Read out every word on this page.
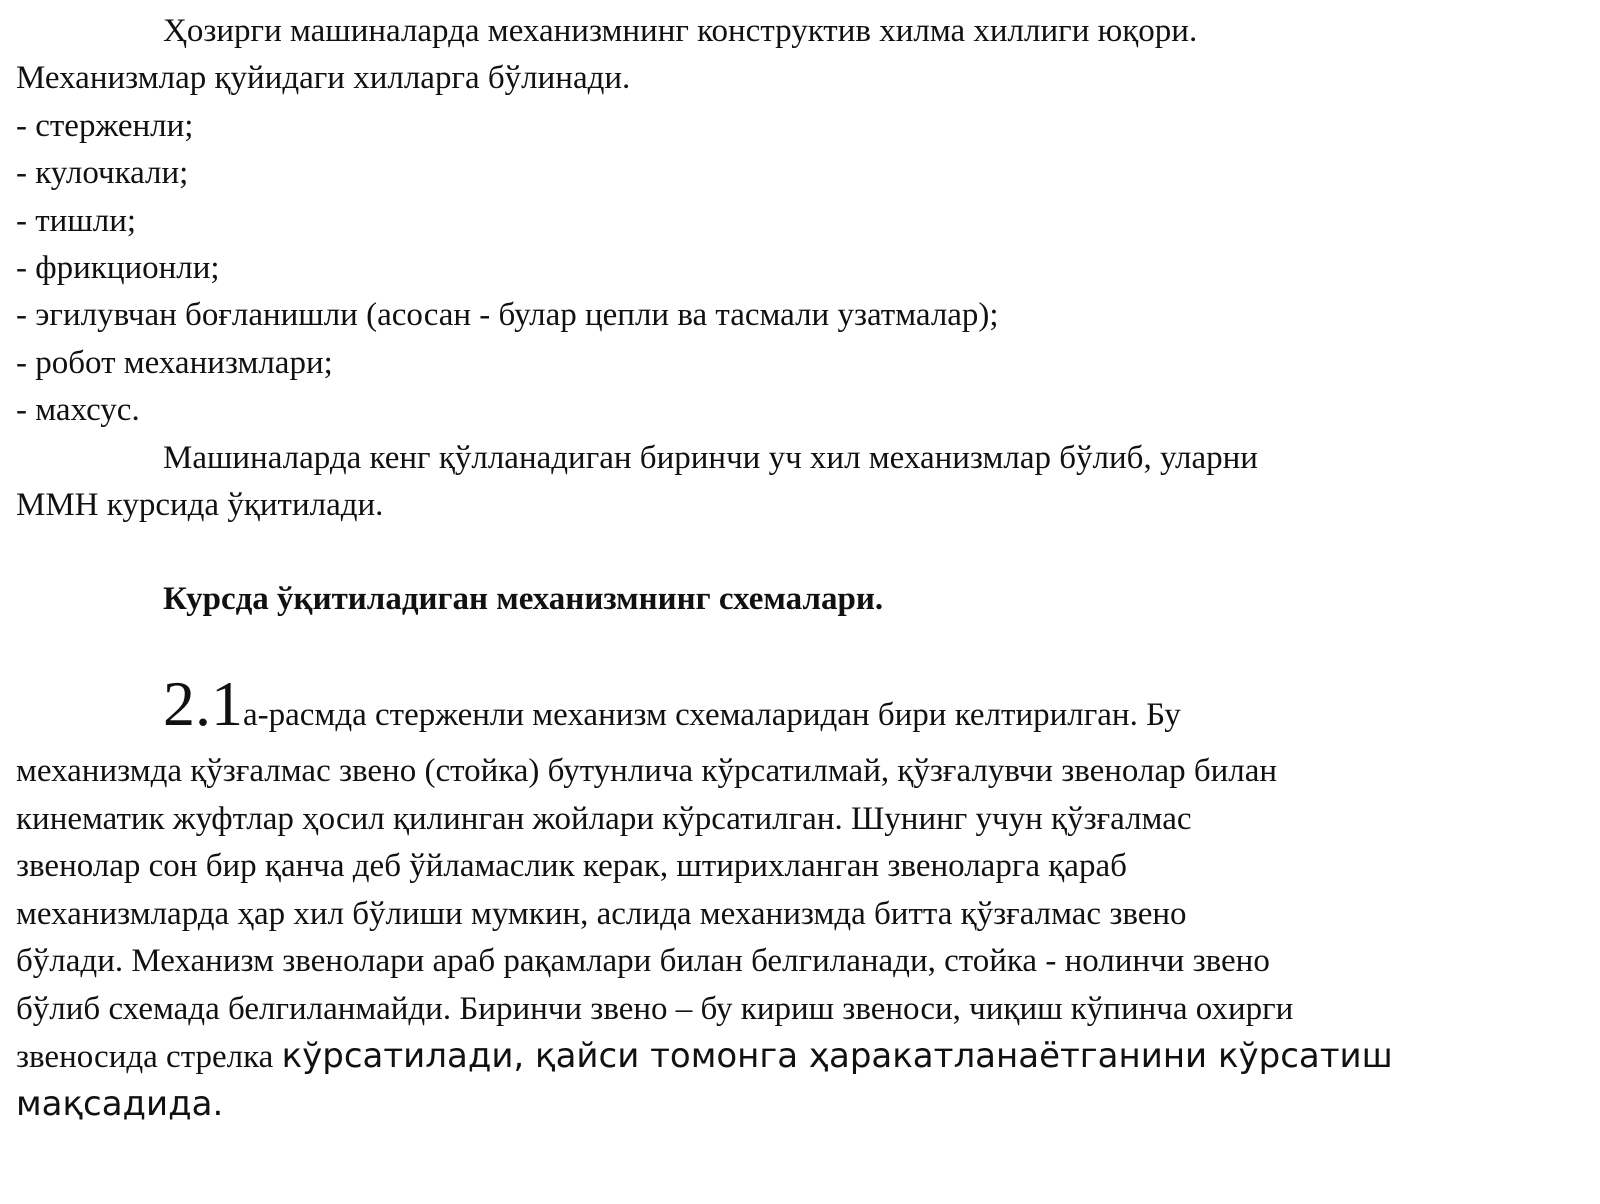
Ҳозирги машиналарда механизмнинг конструктив хилма хиллиги юқори.

Механизмлар қуйидаги хилларга бўлинади.

- стерженли;

- кулочкали;

- тишли;

- фрикционли;

- эгилувчан боғланишли (асосан - булар цепли ва тасмали узатмалар);

- робот механизмлари;

- махсус.

Машиналарда кенг қўлланадиган биринчи уч хил механизмлар бўлиб, уларни

ММН курсида ўқитилади.

Курсда ўқитиладиган механизмнинг схемалари.

2.1а-расмда стерженли механизм схемаларидан бири келтирилган. Бу

механизмда қўзғалмас звено (стойка) бутунлича кўрсатилмай, қўзғалувчи звенолар билан

кинематик жуфтлар ҳосил қилинган жойлари кўрсатилган. Шунинг учун қўзғалмас

звенолар сон бир қанча деб ўйламаслик керак, штирихланган звеноларга қараб

механизмларда ҳар хил бўлиши мумкин, аслида механизмда битта қўзғалмас звено

бўлади. Механизм звенолари араб рақамлари билан белгиланади, стойка - нолинчи звено

бўлиб схемада белгиланмайди. Биринчи звено – бу кириш звеноси, чиқиш кўпинча охирги

звеносида стрелка кўрсатилади, қайси томонга ҳаракатланаётганини кўрсатиш

мақсадида.
